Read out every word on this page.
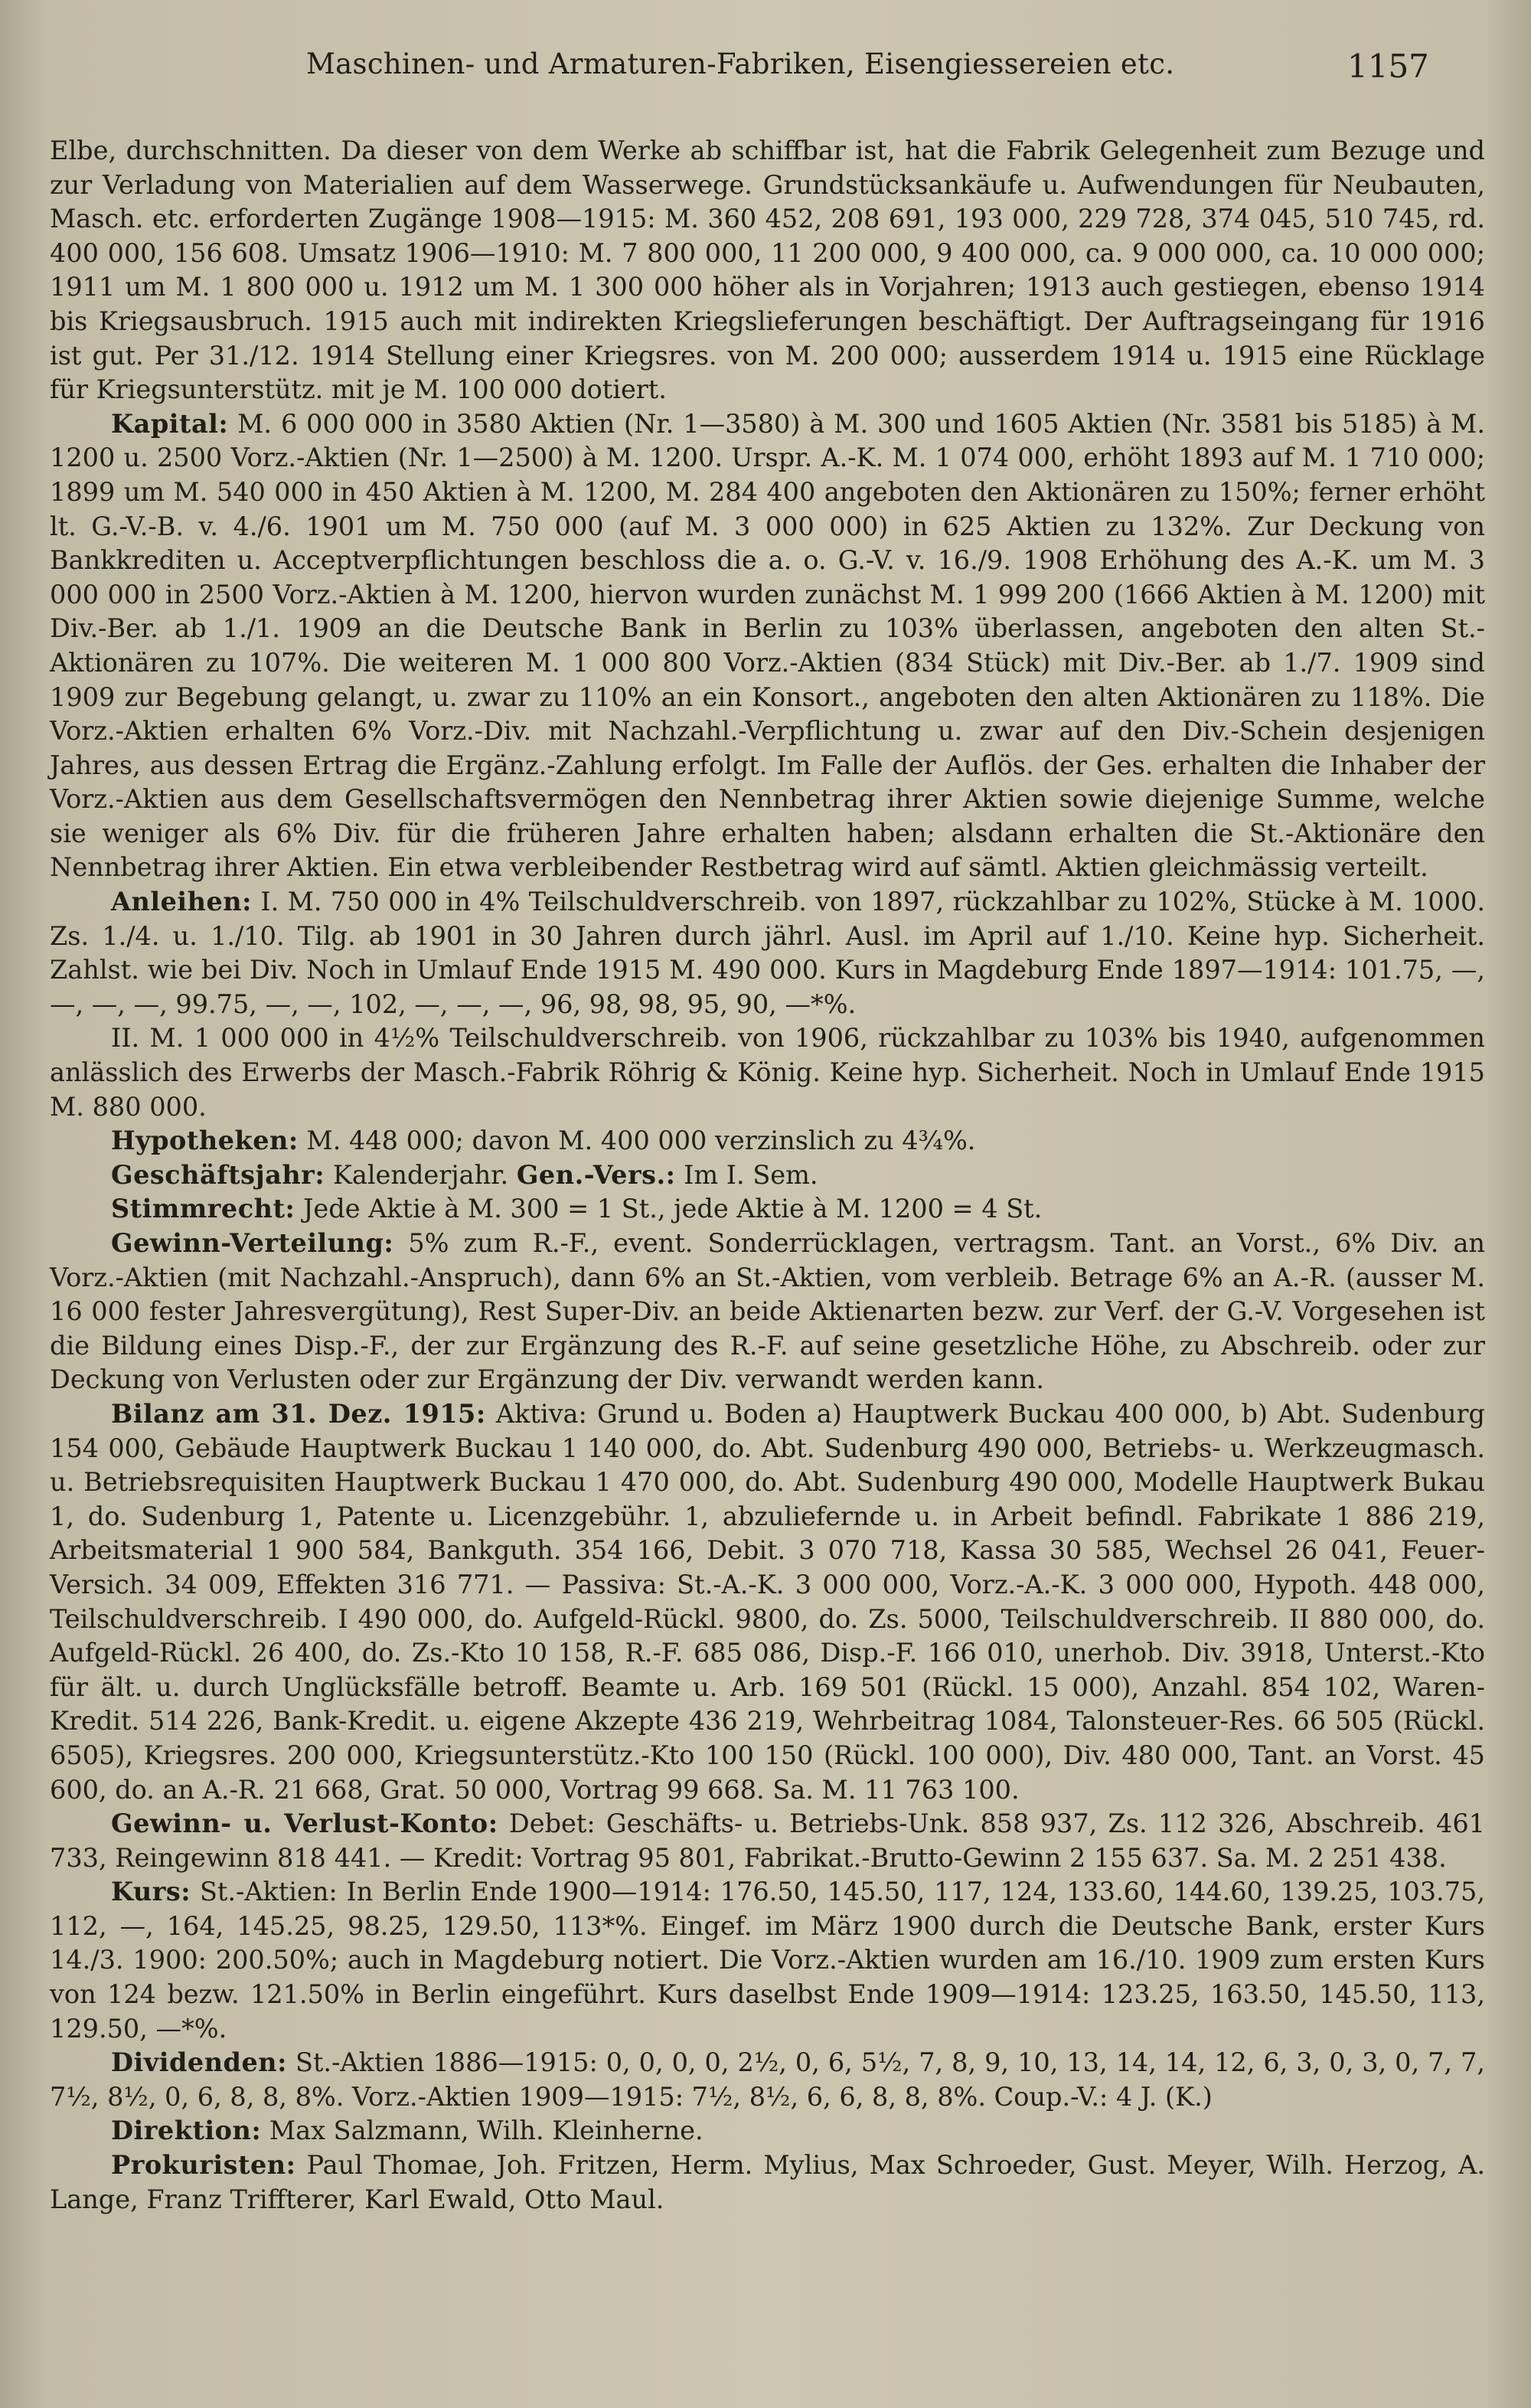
Maschinen- und Armaturen-Fabriken, Eisengiessereien etc.	1157

Elbe, durchschnitten. Da dieser von dem Werke ab schiffbar ist, hat die Fabrik Gelegenheit zum Bezuge und zur Verladung von Materialien auf dem Wasserwege. Grundstücksankäufe u. Aufwendungen für Neubauten, Masch. etc. erforderten Zugänge 1908—1915: M. 360 452, 208 691, 193 000, 229 728, 374 045, 510 745, rd. 400 000, 156 608. Umsatz 1906—1910: M. 7 800 000, 11 200 000, 9 400 000, ca. 9 000 000, ca. 10 000 000; 1911 um M. 1 800 000 u. 1912 um M. 1 300 000 höher als in Vorjahren; 1913 auch gestiegen, ebenso 1914 bis Kriegsausbruch. 1915 auch mit indirekten Kriegslieferungen beschäftigt. Der Auftragseingang für 1916 ist gut. Per 31./12. 1914 Stellung einer Kriegsres. von M. 200 000; ausserdem 1914 u. 1915 eine Rücklage für Kriegsunterstütz. mit je M. 100 000 dotiert.

Kapital: M. 6 000 000 in 3580 Aktien (Nr. 1—3580) à M. 300 und 1605 Aktien (Nr. 3581 bis 5185) à M. 1200 u. 2500 Vorz.-Aktien (Nr. 1—2500) à M. 1200. Urspr. A.-K. M. 1 074 000, erhöht 1893 auf M. 1 710 000; 1899 um M. 540 000 in 450 Aktien à M. 1200, M. 284 400 angeboten den Aktionären zu 150%; ferner erhöht lt. G.-V.-B. v. 4./6. 1901 um M. 750 000 (auf M. 3 000 000) in 625 Aktien zu 132%. Zur Deckung von Bankkrediten u. Acceptverpflichtungen beschloss die a. o. G.-V. v. 16./9. 1908 Erhöhung des A.-K. um M. 3 000 000 in 2500 Vorz.-Aktien à M. 1200, hiervon wurden zunächst M. 1 999 200 (1666 Aktien à M. 1200) mit Div.-Ber. ab 1./1. 1909 an die Deutsche Bank in Berlin zu 103% überlassen, angeboten den alten St.-Aktionären zu 107%. Die weiteren M. 1 000 800 Vorz.-Aktien (834 Stück) mit Div.-Ber. ab 1./7. 1909 sind 1909 zur Begebung gelangt, u. zwar zu 110% an ein Konsort., angeboten den alten Aktionären zu 118%. Die Vorz.-Aktien erhalten 6% Vorz.-Div. mit Nachzahl.-Verpflichtung u. zwar auf den Div.-Schein desjenigen Jahres, aus dessen Ertrag die Ergänz.-Zahlung erfolgt. Im Falle der Auflös. der Ges. erhalten die Inhaber der Vorz.-Aktien aus dem Gesellschaftsvermögen den Nennbetrag ihrer Aktien sowie diejenige Summe, welche sie weniger als 6% Div. für die früheren Jahre erhalten haben; alsdann erhalten die St.-Aktionäre den Nennbetrag ihrer Aktien. Ein etwa verbleibender Restbetrag wird auf sämtl. Aktien gleichmässig verteilt.

Anleihen: I. M. 750 000 in 4% Teilschuldverschreib. von 1897, rückzahlbar zu 102%, Stücke à M. 1000. Zs. 1./4. u. 1./10. Tilg. ab 1901 in 30 Jahren durch jährl. Ausl. im April auf 1./10. Keine hyp. Sicherheit. Zahlst. wie bei Div. Noch in Umlauf Ende 1915 M. 490 000. Kurs in Magdeburg Ende 1897—1914: 101.75, —, —, —, —, 99.75, —, —, 102, —, —, —, 96, 98, 98, 95, 90, —*%.

II. M. 1 000 000 in 4½% Teilschuldverschreib. von 1906, rückzahlbar zu 103% bis 1940, aufgenommen anlässlich des Erwerbs der Masch.-Fabrik Röhrig & König. Keine hyp. Sicherheit. Noch in Umlauf Ende 1915 M. 880 000.

Hypotheken: M. 448 000; davon M. 400 000 verzinslich zu 4¾%.

Geschäftsjahr: Kalenderjahr. Gen.-Vers.: Im I. Sem.

Stimmrecht: Jede Aktie à M. 300 = 1 St., jede Aktie à M. 1200 = 4 St.

Gewinn-Verteilung: 5% zum R.-F., event. Sonderrücklagen, vertragsm. Tant. an Vorst., 6% Div. an Vorz.-Aktien (mit Nachzahl.-Anspruch), dann 6% an St.-Aktien, vom verbleib. Betrage 6% an A.-R. (ausser M. 16 000 fester Jahresvergütung), Rest Super-Div. an beide Aktienarten bezw. zur Verf. der G.-V. Vorgesehen ist die Bildung eines Disp.-F., der zur Ergänzung des R.-F. auf seine gesetzliche Höhe, zu Abschreib. oder zur Deckung von Verlusten oder zur Ergänzung der Div. verwandt werden kann.

Bilanz am 31. Dez. 1915: Aktiva: Grund u. Boden a) Hauptwerk Buckau 400 000, b) Abt. Sudenburg 154 000, Gebäude Hauptwerk Buckau 1 140 000, do. Abt. Sudenburg 490 000, Betriebs- u. Werkzeugmasch. u. Betriebsrequisiten Hauptwerk Buckau 1 470 000, do. Abt. Sudenburg 490 000, Modelle Hauptwerk Bukau 1, do. Sudenburg 1, Patente u. Licenzgebühr. 1, abzuliefernde u. in Arbeit befindl. Fabrikate 1 886 219, Arbeitsmaterial 1 900 584, Bankguth. 354 166, Debit. 3 070 718, Kassa 30 585, Wechsel 26 041, Feuer-Versich. 34 009, Effekten 316 771. — Passiva: St.-A.-K. 3 000 000, Vorz.-A.-K. 3 000 000, Hypoth. 448 000, Teilschuldverschreib. I 490 000, do. Aufgeld-Rückl. 9800, do. Zs. 5000, Teilschuldverschreib. II 880 000, do. Aufgeld-Rückl. 26 400, do. Zs.-Kto 10 158, R.-F. 685 086, Disp.-F. 166 010, unerhob. Div. 3918, Unterst.-Kto für ält. u. durch Unglücksfälle betroff. Beamte u. Arb. 169 501 (Rückl. 15 000), Anzahl. 854 102, Waren-Kredit. 514 226, Bank-Kredit. u. eigene Akzepte 436 219, Wehrbeitrag 1084, Talonsteuer-Res. 66 505 (Rückl. 6505), Kriegsres. 200 000, Kriegsunterstütz.-Kto 100 150 (Rückl. 100 000), Div. 480 000, Tant. an Vorst. 45 600, do. an A.-R. 21 668, Grat. 50 000, Vortrag 99 668. Sa. M. 11 763 100.

Gewinn- u. Verlust-Konto: Debet: Geschäfts- u. Betriebs-Unk. 858 937, Zs. 112 326, Abschreib. 461 733, Reingewinn 818 441. — Kredit: Vortrag 95 801, Fabrikat.-Brutto-Gewinn 2 155 637. Sa. M. 2 251 438.

Kurs: St.-Aktien: In Berlin Ende 1900—1914: 176.50, 145.50, 117, 124, 133.60, 144.60, 139.25, 103.75, 112, —, 164, 145.25, 98.25, 129.50, 113*%. Eingef. im März 1900 durch die Deutsche Bank, erster Kurs 14./3. 1900: 200.50%; auch in Magdeburg notiert. Die Vorz.-Aktien wurden am 16./10. 1909 zum ersten Kurs von 124 bezw. 121.50% in Berlin eingeführt. Kurs daselbst Ende 1909—1914: 123.25, 163.50, 145.50, 113, 129.50, —*%.

Dividenden: St.-Aktien 1886—1915: 0, 0, 0, 0, 2½, 0, 6, 5½, 7, 8, 9, 10, 13, 14, 14, 12, 6, 3, 0, 3, 0, 7, 7, 7½, 8½, 0, 6, 8, 8, 8%. Vorz.-Aktien 1909—1915: 7½, 8½, 6, 6, 8, 8, 8%. Coup.-V.: 4 J. (K.)

Direktion: Max Salzmann, Wilh. Kleinherne.

Prokuristen: Paul Thomae, Joh. Fritzen, Herm. Mylius, Max Schroeder, Gust. Meyer, Wilh. Herzog, A. Lange, Franz Triffterer, Karl Ewald, Otto Maul.
